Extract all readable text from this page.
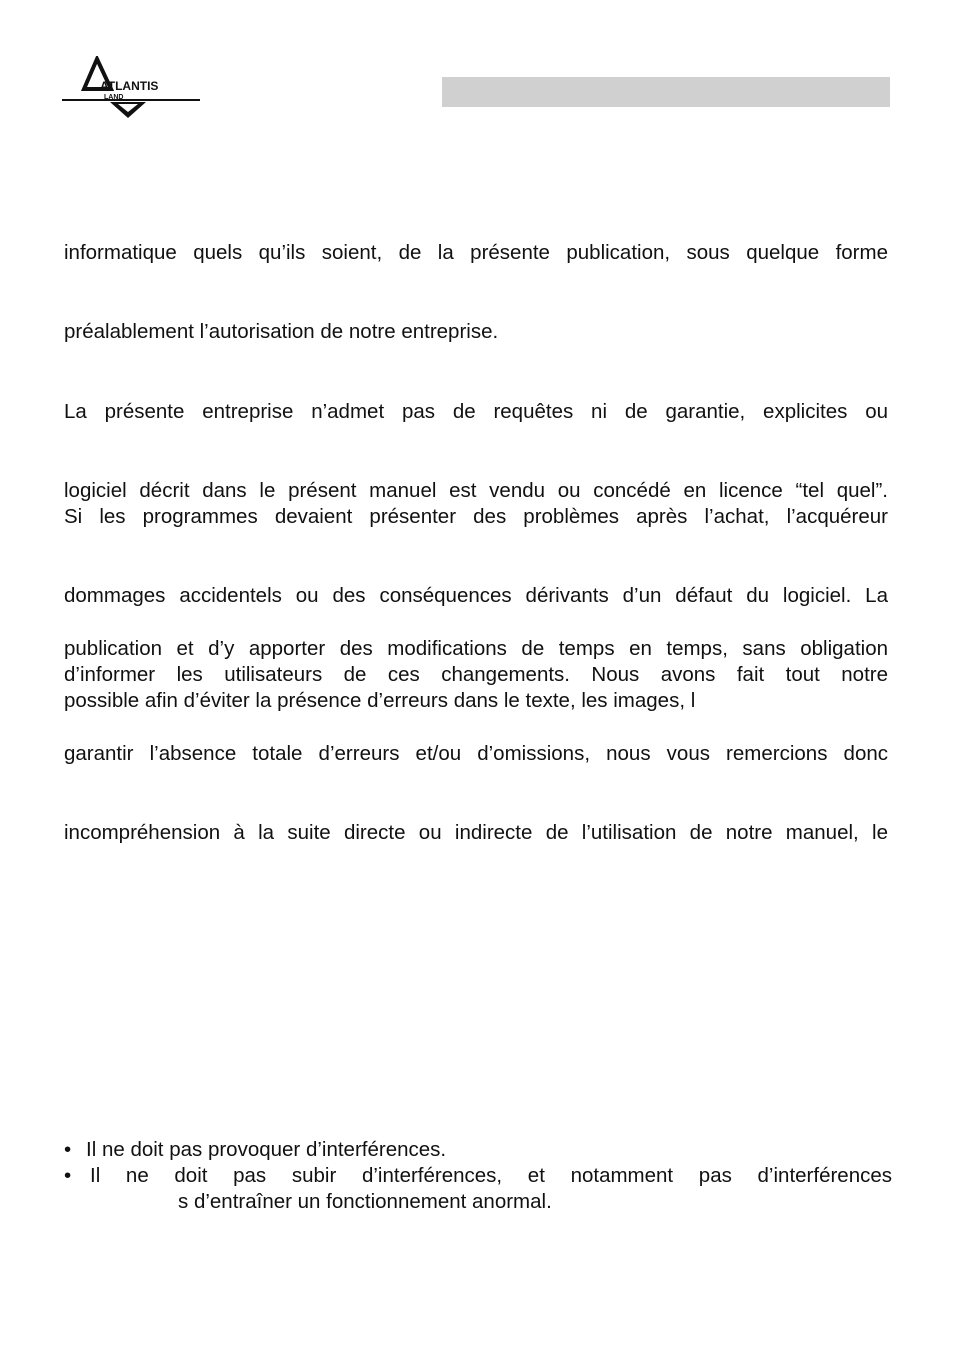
ATLANTIS
LAND
informatique quels qu’ils soient, de la présente publication, sous quelque forme
préalablement l’autorisation de notre entreprise.
La présente entreprise n’admet pas de requêtes ni de garantie, explicites ou
logiciel décrit dans le présent manuel est vendu ou concédé en licence “tel quel”.
Si les programmes devaient présenter des problèmes après l’achat, l’acquéreur
dommages accidentels ou des conséquences dérivants d’un défaut du logiciel. La
publication et d’y apporter des modifications de temps en temps, sans obligation
d’informer les utilisateurs de ces changements. Nous avons fait tout notre
possible afin d’éviter la présence d’erreurs dans le texte, les images, l
garantir l’absence totale d’erreurs et/ou d’omissions, nous vous remercions donc
incompréhension à la suite directe ou indirecte de l’utilisation de notre manuel, le
• Il ne doit pas provoquer d’interférences.
• Il ne doit pas subir d’interférences, et notamment pas d’interférences
s d’entraîner un fonctionnement anormal.
